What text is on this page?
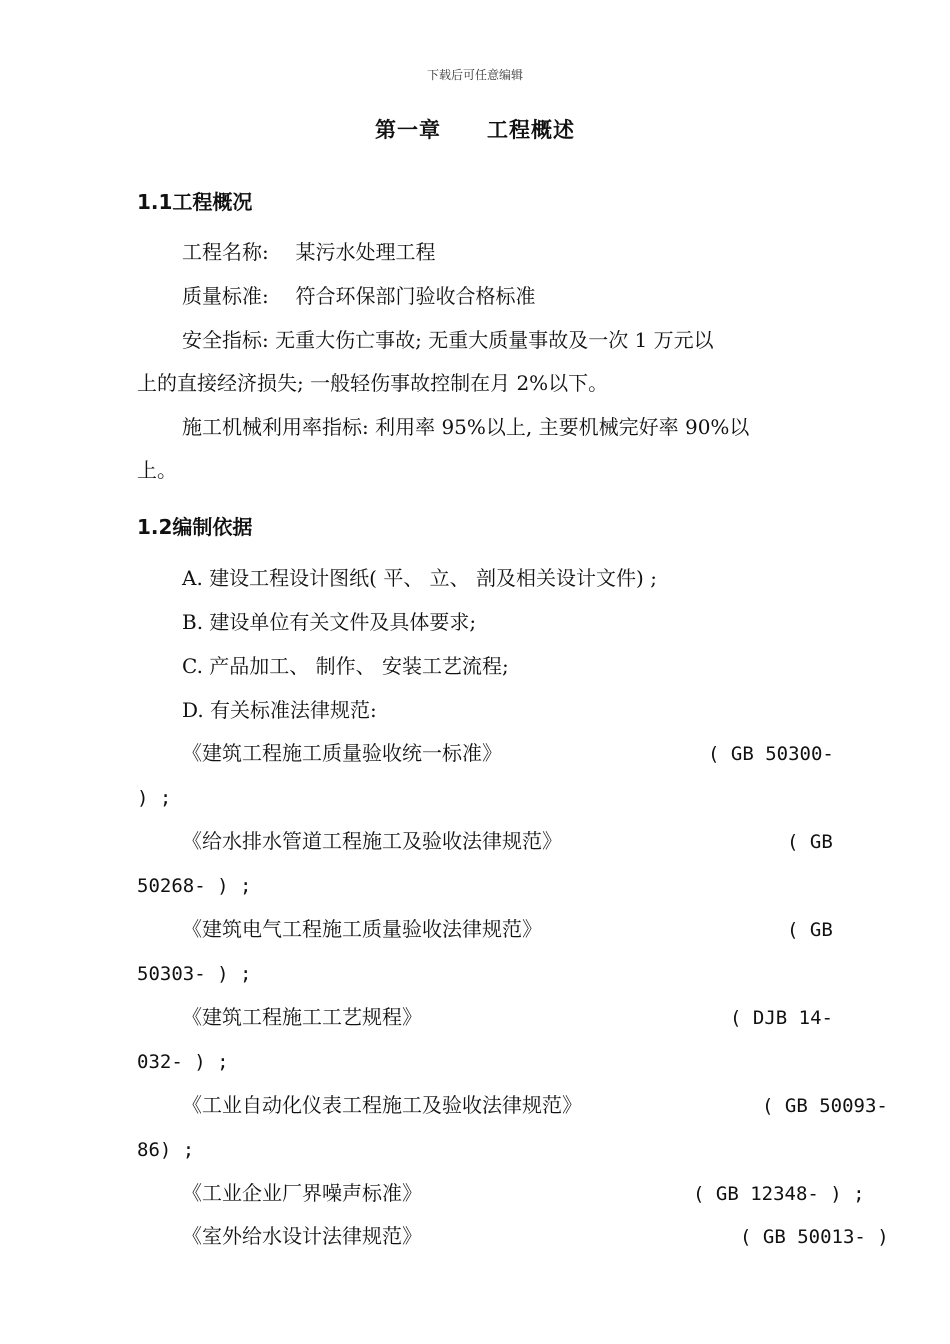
下载后可任意编辑
第一章 工程概述
1.1工程概况
工程名称: 某污水处理工程
质量标准: 符合环保部门验收合格标准
安全指标: 无重大伤亡事故; 无重大质量事故及一次 1 万元以
上的直接经济损失; 一般轻伤事故控制在月 2%以下。
施工机械利用率指标: 利用率 95%以上, 主要机械完好率 90%以
上。
1.2编制依据
A. 建设工程设计图纸( 平、 立、 剖及相关设计文件) ;
B. 建设单位有关文件及具体要求;
C. 产品加工、 制作、 安装工艺流程;
D. 有关标准法律规范:
《建筑工程施工质量验收统一标准》	( GB 50300-
) ;
《给水排水管道工程施工及验收法律规范》	( GB
50268- ) ;
《建筑电气工程施工质量验收法律规范》	( GB
50303- ) ;
《建筑工程施工工艺规程》	( DJB 14-
032- ) ;
《工业自动化仪表工程施工及验收法律规范》	( GB 50093-
86) ;
《工业企业厂界噪声标准》	( GB 12348- ) ;
《室外给水设计法律规范》	( GB 50013- )
